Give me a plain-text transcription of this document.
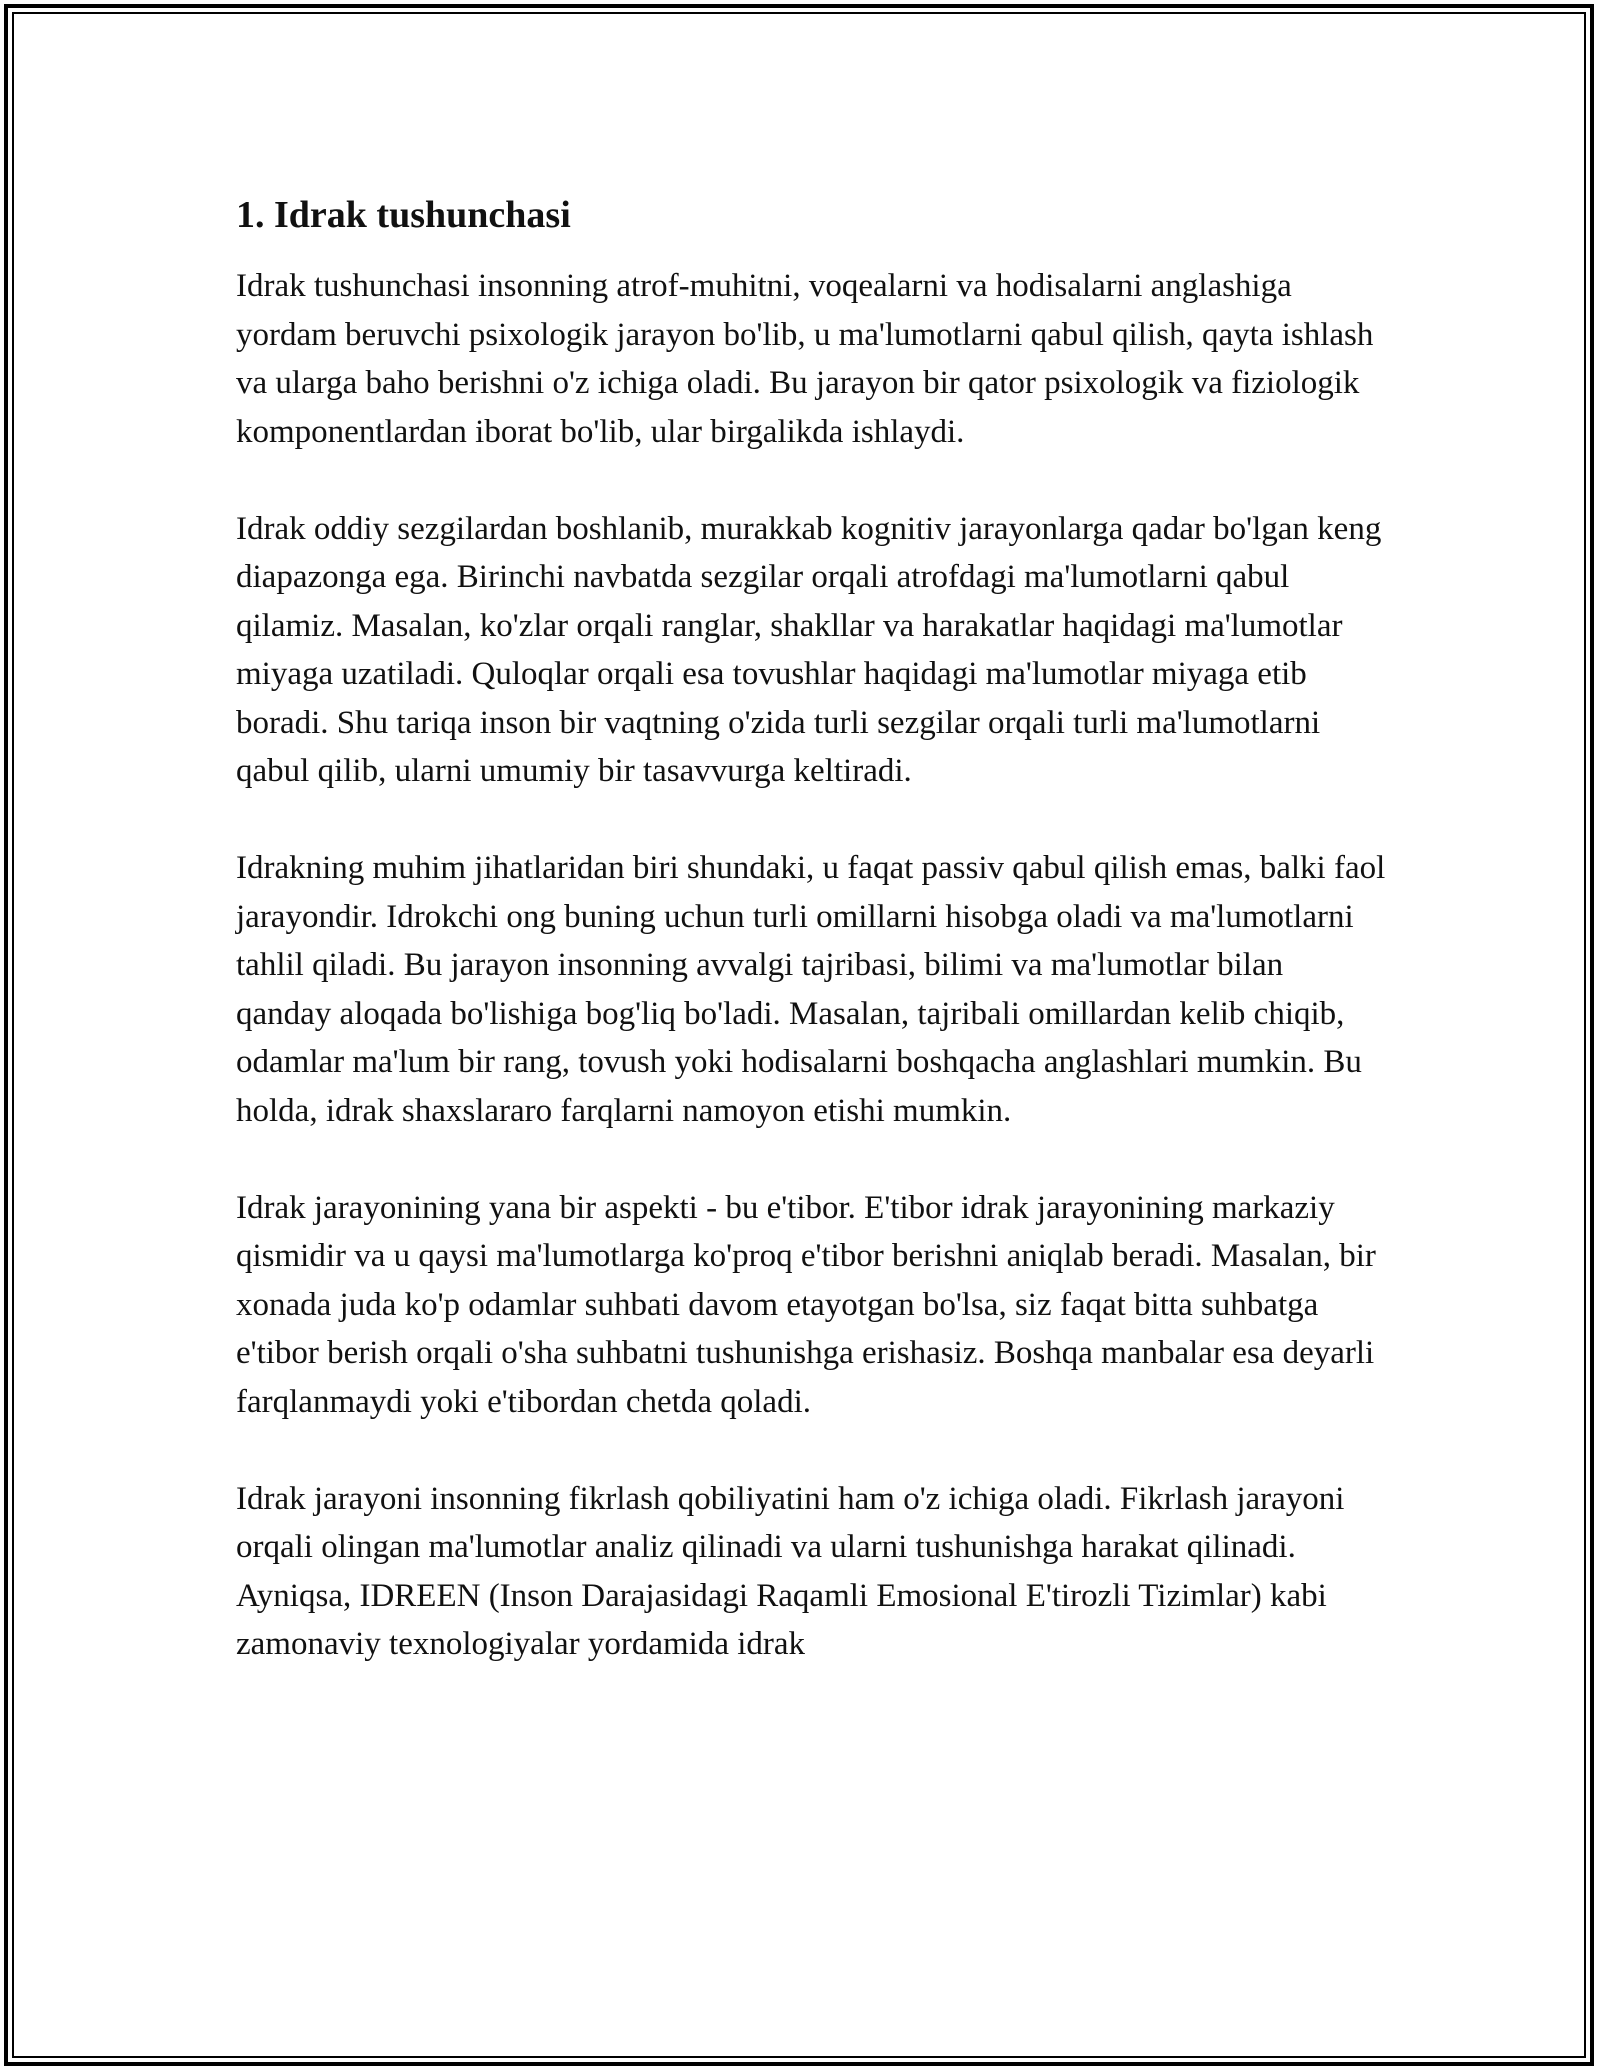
1. Idrak tushunchasi

Idrak tushunchasi insonning atrof-muhitni, voqealarni va hodisalarni anglashiga yordam beruvchi psixologik jarayon bo'lib, u ma'lumotlarni qabul qilish, qayta ishlash va ularga baho berishni o'z ichiga oladi. Bu jarayon bir qator psixologik va fiziologik komponentlardan iborat bo'lib, ular birgalikda ishlaydi.

Idrak oddiy sezgilardan boshlanib, murakkab kognitiv jarayonlarga qadar bo'lgan keng diapazonga ega. Birinchi navbatda sezgilar orqali atrofdagi ma'lumotlarni qabul qilamiz. Masalan, ko'zlar orqali ranglar, shakllar va harakatlar haqidagi ma'lumotlar miyaga uzatiladi. Quloqlar orqali esa tovushlar haqidagi ma'lumotlar miyaga etib boradi. Shu tariqa inson bir vaqtning o'zida turli sezgilar orqali turli ma'lumotlarni qabul qilib, ularni umumiy bir tasavvurga keltiradi.

Idrakning muhim jihatlaridan biri shundaki, u faqat passiv qabul qilish emas, balki faol jarayondir. Idrokchi ong buning uchun turli omillarni hisobga oladi va ma'lumotlarni tahlil qiladi. Bu jarayon insonning avvalgi tajribasi, bilimi va ma'lumotlar bilan qanday aloqada bo'lishiga bog'liq bo'ladi. Masalan, tajribali omillardan kelib chiqib, odamlar ma'lum bir rang, tovush yoki hodisalarni boshqacha anglashlari mumkin. Bu holda, idrak shaxslararo farqlarni namoyon etishi mumkin.

Idrak jarayonining yana bir aspekti - bu e'tibor. E'tibor idrak jarayonining markaziy qismidir va u qaysi ma'lumotlarga ko'proq e'tibor berishni aniqlab beradi. Masalan, bir xonada juda ko'p odamlar suhbati davom etayotgan bo'lsa, siz faqat bitta suhbatga e'tibor berish orqali o'sha suhbatni tushunishga erishasiz. Boshqa manbalar esa deyarli farqlanmaydi yoki e'tibordan chetda qoladi.

Idrak jarayoni insonning fikrlash qobiliyatini ham o'z ichiga oladi. Fikrlash jarayoni orqali olingan ma'lumotlar analiz qilinadi va ularni tushunishga harakat qilinadi. Ayniqsa, IDREEN (Inson Darajasidagi Raqamli Emosional E'tirozli Tizimlar) kabi zamonaviy texnologiyalar yordamida idrak
